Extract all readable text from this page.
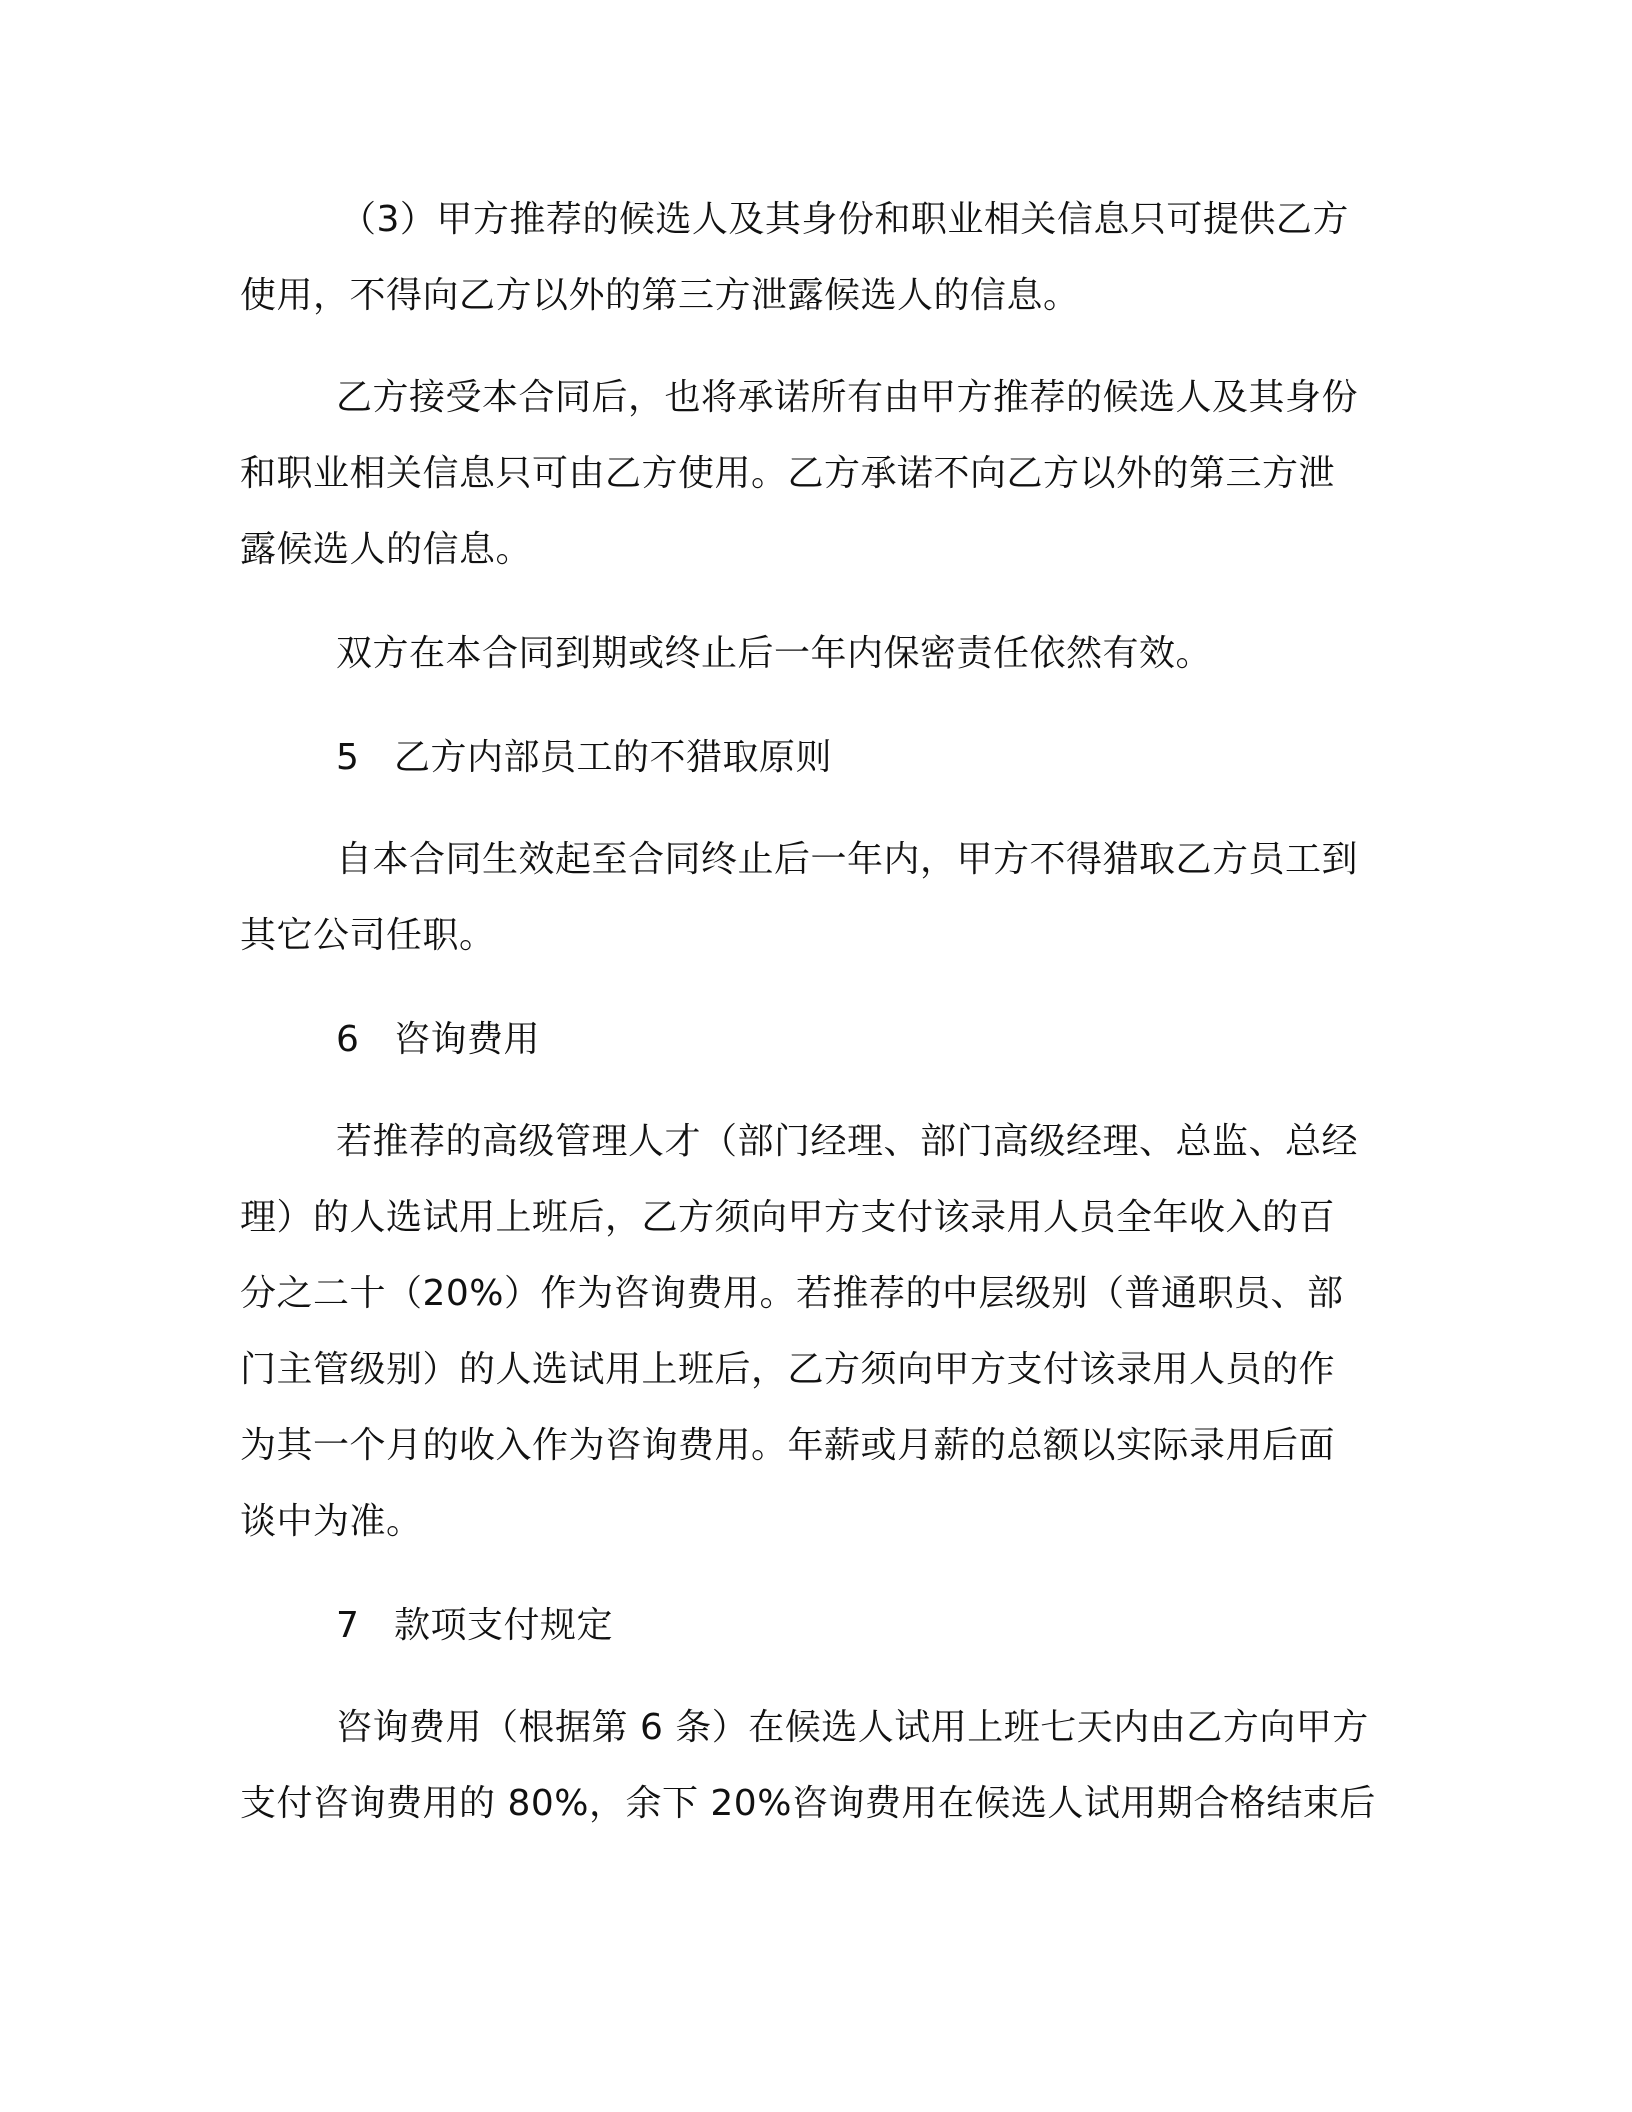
（3）甲方推荐的候选人及其身份和职业相关信息只可提供乙方
使用，不得向乙方以外的第三方泄露候选人的信息。
乙方接受本合同后，也将承诺所有由甲方推荐的候选人及其身份
和职业相关信息只可由乙方使用。乙方承诺不向乙方以外的第三方泄
露候选人的信息。
双方在本合同到期或终止后一年内保密责任依然有效。
5 乙方内部员工的不猎取原则
自本合同生效起至合同终止后一年内，甲方不得猎取乙方员工到
其它公司任职。
6 咨询费用
若推荐的高级管理人才（部门经理、部门高级经理、总监、总经
理）的人选试用上班后，乙方须向甲方支付该录用人员全年收入的百
分之二十（20%）作为咨询费用。若推荐的中层级别（普通职员、部
门主管级别）的人选试用上班后，乙方须向甲方支付该录用人员的作
为其一个月的收入作为咨询费用。年薪或月薪的总额以实际录用后面
谈中为准。
7 款项支付规定
咨询费用（根据第 6 条）在候选人试用上班七天内由乙方向甲方
支付咨询费用的 80%，余下 20%咨询费用在候选人试用期合格结束后
